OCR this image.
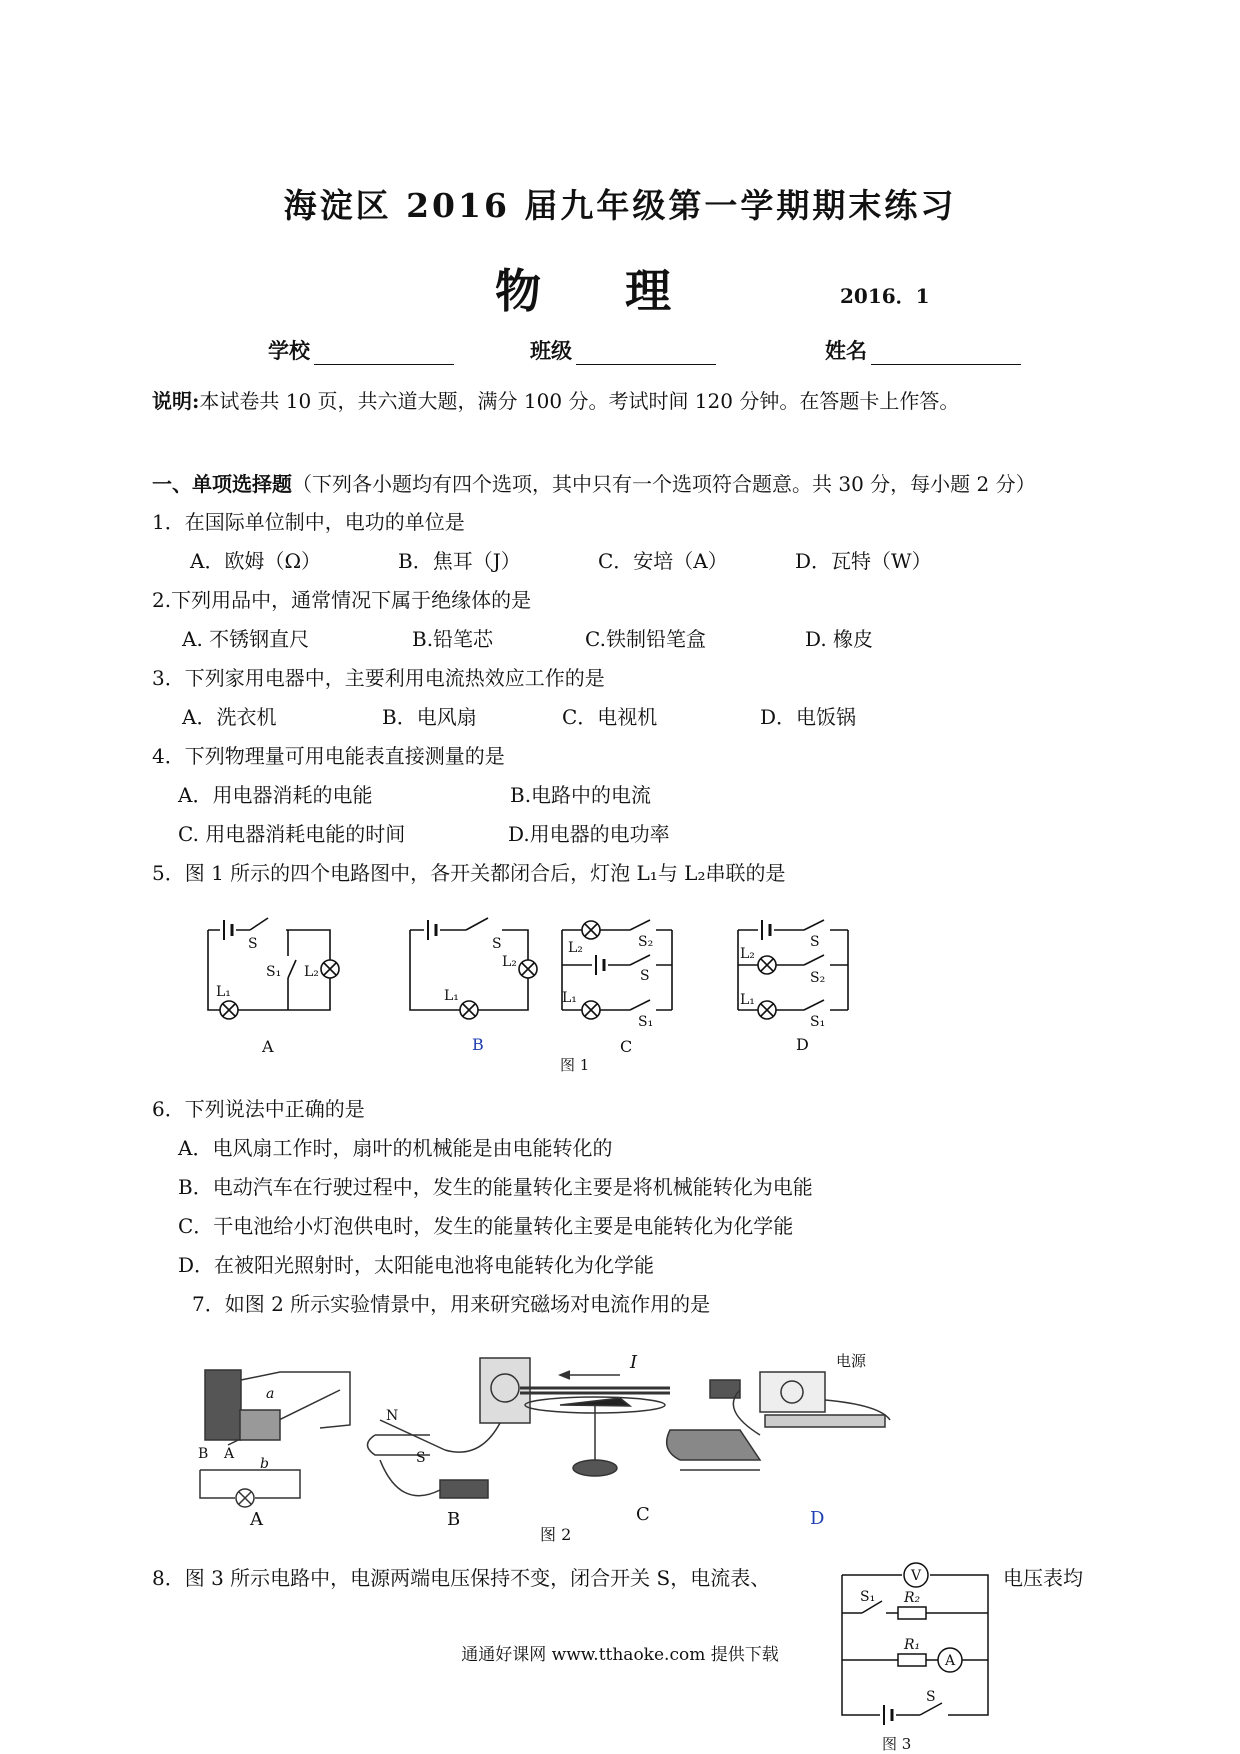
海淀区 2016 届九年级第一学期期末练习
物 理	2016．1
学校	班级	姓名
说明:本试卷共 10 页，共六道大题，满分 100 分。考试时间 120 分钟。在答题卡上作答。
一、单项选择题（下列各小题均有四个选项，其中只有一个选项符合题意。共 30 分，每小题 2 分）
1．在国际单位制中，电功的单位是
A．欧姆（Ω）	B．焦耳（J）	C．安培（A）	D．瓦特（W）
2.下列用品中，通常情况下属于绝缘体的是
A. 不锈钢直尺	B.铅笔芯	C.铁制铅笔盒	D. 橡皮
3．下列家用电器中，主要利用电流热效应工作的是
A．洗衣机	B．电风扇	C．电视机	D．电饭锅
4．下列物理量可用电能表直接测量的是
A．用电器消耗的电能	B.电路中的电流
C. 用电器消耗电能的时间	D.用电器的电功率
5．图 1 所示的四个电路图中，各开关都闭合后，灯泡 L₁与 L₂串联的是
S
S₁ L₂
L₁
S
L₂
L₁
L₂	S₂
S
L₁
S₁
S
L₂
S₂
L₁
S₁
A	B	C	D
图 1
6．下列说法中正确的是
A．电风扇工作时，扇叶的机械能是由电能转化的
B．电动汽车在行驶过程中，发生的能量转化主要是将机械能转化为电能
C．干电池给小灯泡供电时，发生的能量转化主要是电能转化为化学能
D．在被阳光照射时，太阳能电池将电能转化为化学能
7．如图 2 所示实验情景中，用来研究磁场对电流作用的是
a
b
B A
N
S
I	电源
A	B	C	D
图 2
8．图 3 所示电路中，电源两端电压保持不变，闭合开关 S，电流表、	电压表均
V
A
S₁ R₂
R₁
S
图 3
通通好课网 www.tthaoke.com 提供下载
